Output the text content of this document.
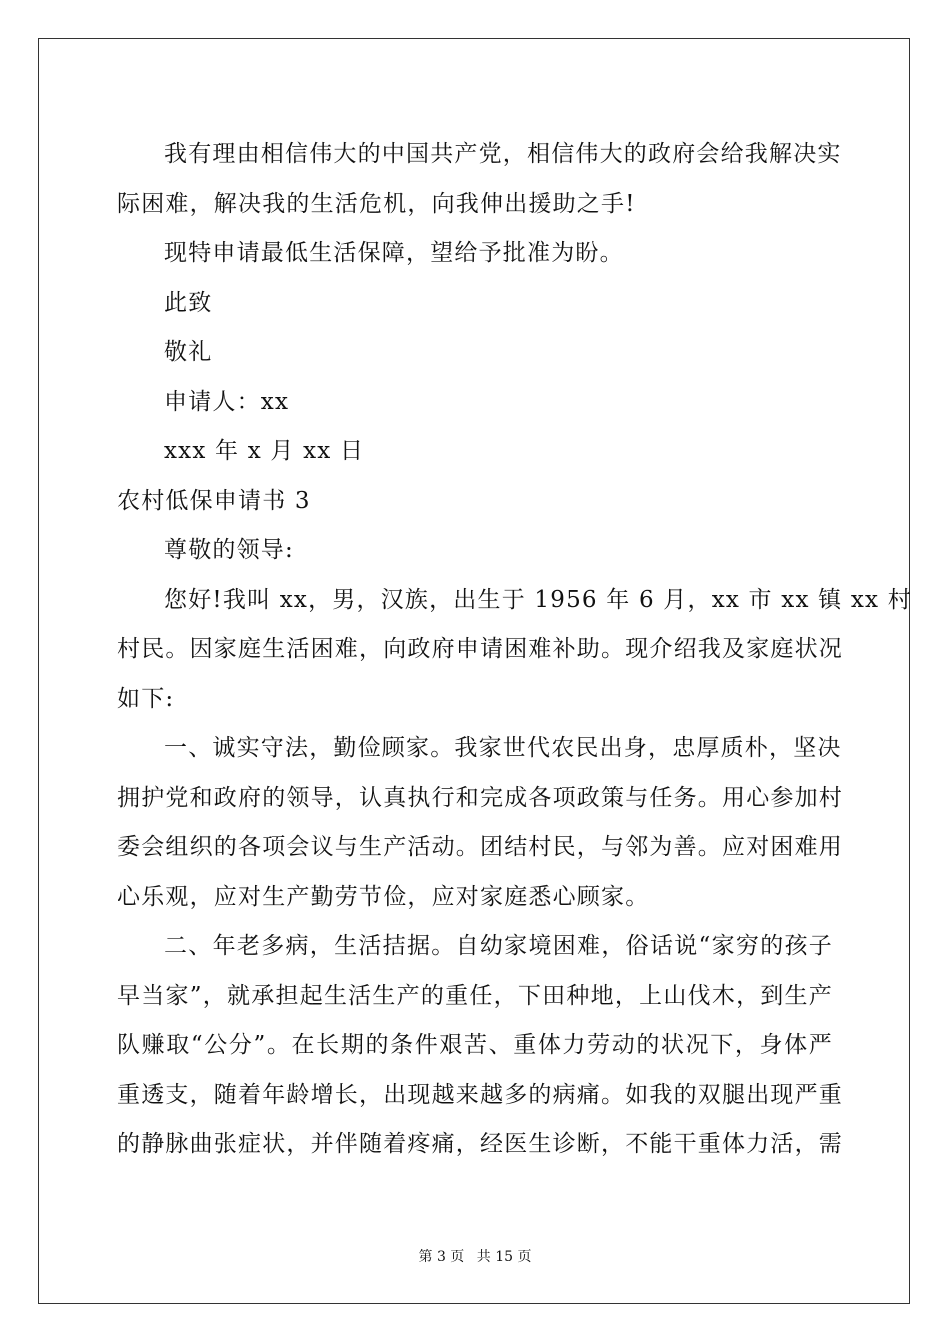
我有理由相信伟大的中国共产党，相信伟大的政府会给我解决实
际困难，解决我的生活危机，向我伸出援助之手!
现特申请最低生活保障，望给予批准为盼。
此致
敬礼
申请人：xx
xxx 年 x 月 xx 日
农村低保申请书 3
尊敬的领导:
您好!我叫 xx，男，汉族，出生于 1956 年 6 月，xx 市 xx 镇 xx 村
村民。因家庭生活困难，向政府申请困难补助。现介绍我及家庭状况
如下:
一、诚实守法，勤俭顾家。我家世代农民出身，忠厚质朴，坚决
拥护党和政府的领导，认真执行和完成各项政策与任务。用心参加村
委会组织的各项会议与生产活动。团结村民，与邻为善。应对困难用
心乐观，应对生产勤劳节俭，应对家庭悉心顾家。
二、年老多病，生活拮据。自幼家境困难，俗话说“家穷的孩子
早当家”，就承担起生活生产的重任，下田种地，上山伐木，到生产
队赚取“公分”。在长期的条件艰苦、重体力劳动的状况下，身体严
重透支，随着年龄增长，出现越来越多的病痛。如我的双腿出现严重
的静脉曲张症状，并伴随着疼痛，经医生诊断，不能干重体力活，需
第 3 页 共 15 页
